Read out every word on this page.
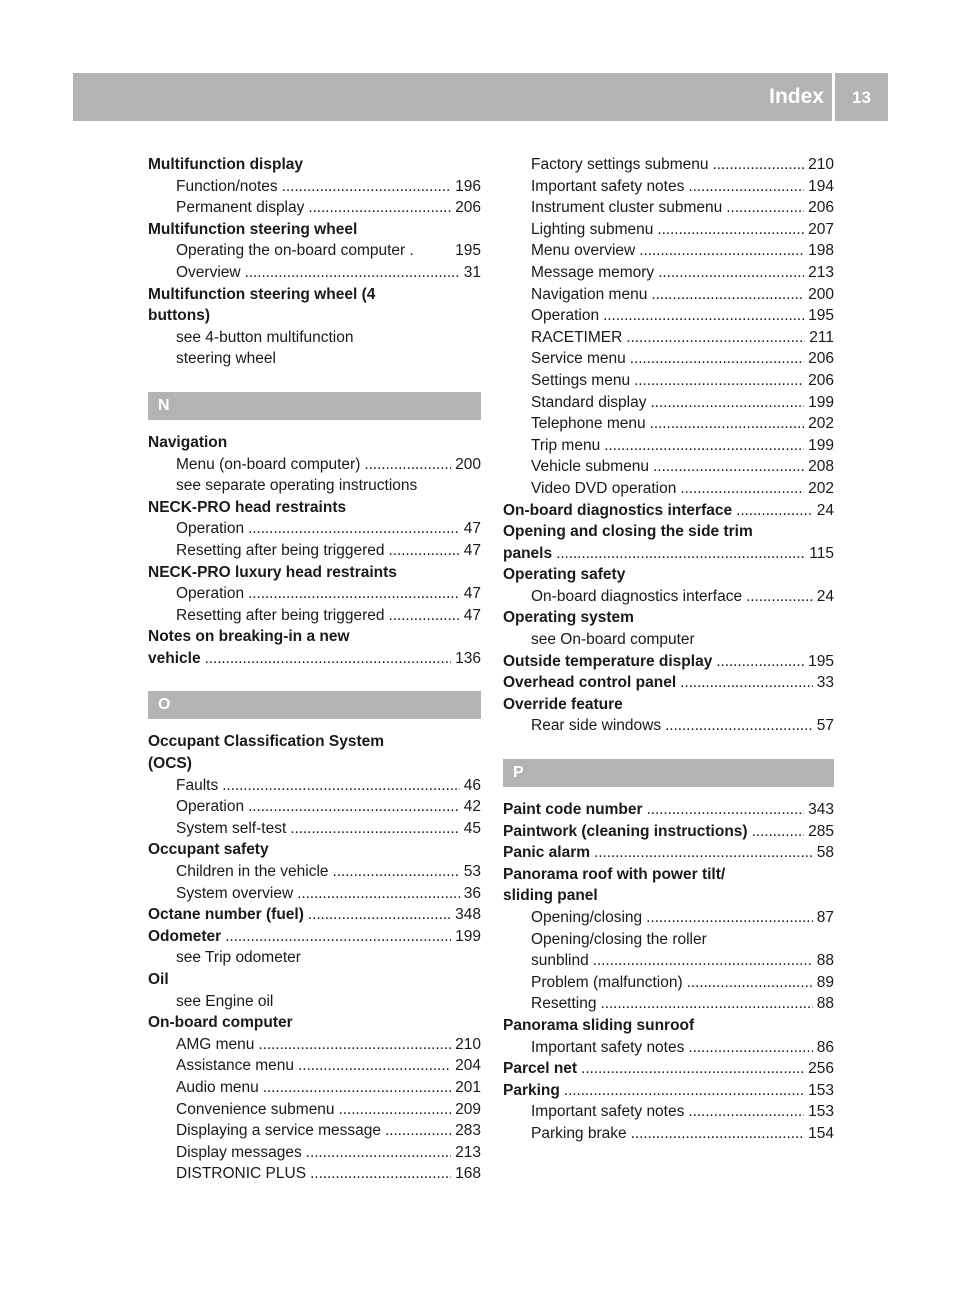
Index	13
Multifunction display
Function/notes . . .	196
Permanent display . . .	206
Multifunction steering wheel
Operating the on-board computer .	195
Overview . . .	31
Multifunction steering wheel (4
buttons)
see 4-button multifunction
steering wheel
N
Navigation
Menu (on-board computer) . . .	200
see separate operating instructions
NECK-PRO head restraints
Operation . . .	47
Resetting after being triggered . . .	47
NECK-PRO luxury head restraints
Operation . . .	47
Resetting after being triggered . . .	47
Notes on breaking-in a new
vehicle . . .	136
O
Occupant Classification System
(OCS)
Faults . . .	46
Operation . . .	42
System self-test . . .	45
Occupant safety
Children in the vehicle . . .	53
System overview . . .	36
Octane number (fuel) . . .	348
Odometer . . .	199
see Trip odometer
Oil
see Engine oil
On-board computer
AMG menu . . .	210
Assistance menu . . .	204
Audio menu . . .	201
Convenience submenu . . .	209
Displaying a service message . . .	283
Display messages . . .	213
DISTRONIC PLUS . . .	168
Factory settings submenu . . .	210
Important safety notes . . .	194
Instrument cluster submenu . . .	206
Lighting submenu . . .	207
Menu overview . . .	198
Message memory . . .	213
Navigation menu . . .	200
Operation . . .	195
RACETIMER . . .	211
Service menu . . .	206
Settings menu . . .	206
Standard display . . .	199
Telephone menu . . .	202
Trip menu . . .	199
Vehicle submenu . . .	208
Video DVD operation . . .	202
On-board diagnostics interface . . .	24
Opening and closing the side trim
panels . . .	115
Operating safety
On-board diagnostics interface . . .	24
Operating system
see On-board computer
Outside temperature display . . .	195
Overhead control panel . . .	33
Override feature
Rear side windows . . .	57
P
Paint code number . . .	343
Paintwork (cleaning instructions) . . .	285
Panic alarm . . .	58
Panorama roof with power tilt/
sliding panel
Opening/closing . . .	87
Opening/closing the roller
sunblind . . .	88
Problem (malfunction) . . .	89
Resetting . . .	88
Panorama sliding sunroof
Important safety notes . . .	86
Parcel net . . .	256
Parking . . .	153
Important safety notes . . .	153
Parking brake . . .	154
